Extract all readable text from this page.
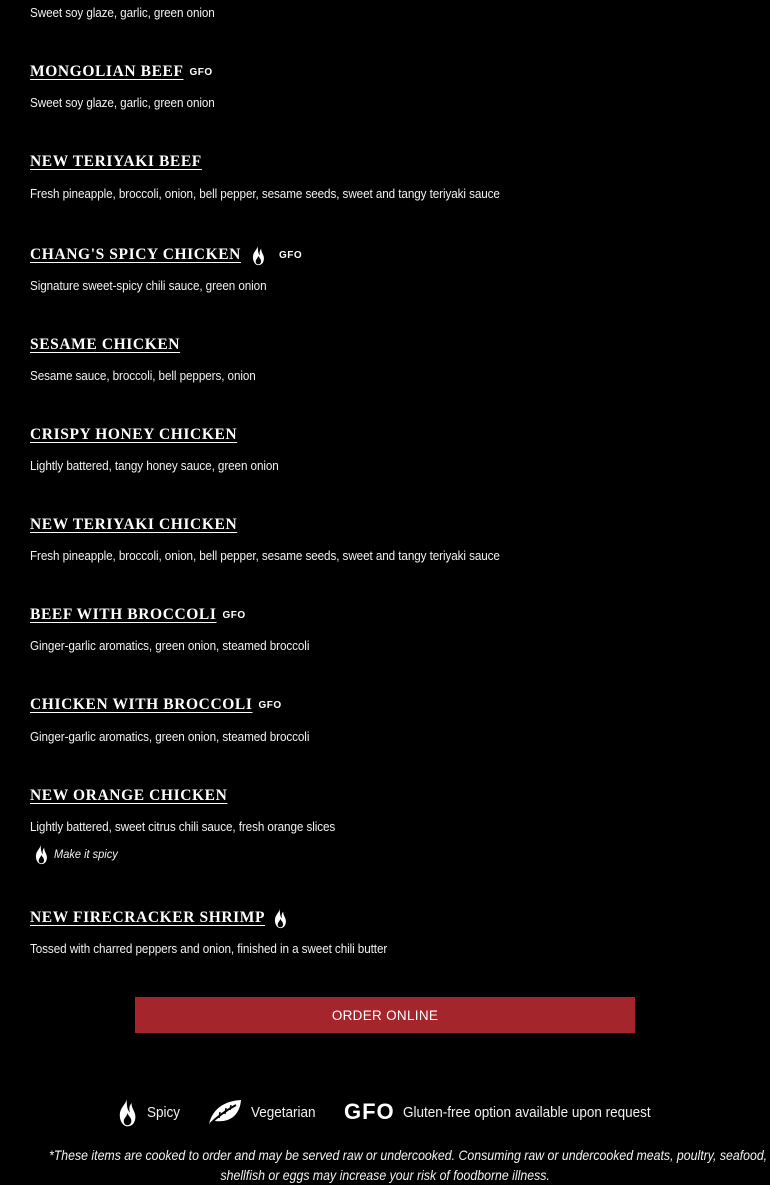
Sweet soy glaze, garlic, green onion
MONGOLIAN BEEF GFO
Sweet soy glaze, garlic, green onion
NEW TERIYAKI BEEF
Fresh pineapple, broccoli, onion, bell pepper, sesame seeds, sweet and tangy teriyaki sauce
CHANG'S SPICY CHICKEN	GFO
Signature sweet-spicy chili sauce, green onion
SESAME CHICKEN
Sesame sauce, broccoli, bell peppers, onion
CRISPY HONEY CHICKEN
Lightly battered, tangy honey sauce, green onion
NEW TERIYAKI CHICKEN
Fresh pineapple, broccoli, onion, bell pepper, sesame seeds, sweet and tangy teriyaki sauce
BEEF WITH BROCCOLI GFO
Ginger-garlic aromatics, green onion, steamed broccoli
CHICKEN WITH BROCCOLI GFO
Ginger-garlic aromatics, green onion, steamed broccoli
NEW ORANGE CHICKEN
Lightly battered, sweet citrus chili sauce, fresh orange slices
Make it spicy
NEW FIRECRACKER SHRIMP
Tossed with charred peppers and onion, finished in a sweet chili butter
ORDER ONLINE
Spicy	Vegetarian GFO Gluten-free option available upon request
*These items are cooked to order and may be served raw or undercooked. Consuming raw or undercooked meats, poultry, seafood,
shellfish or eggs may increase your risk of foodborne illness.
